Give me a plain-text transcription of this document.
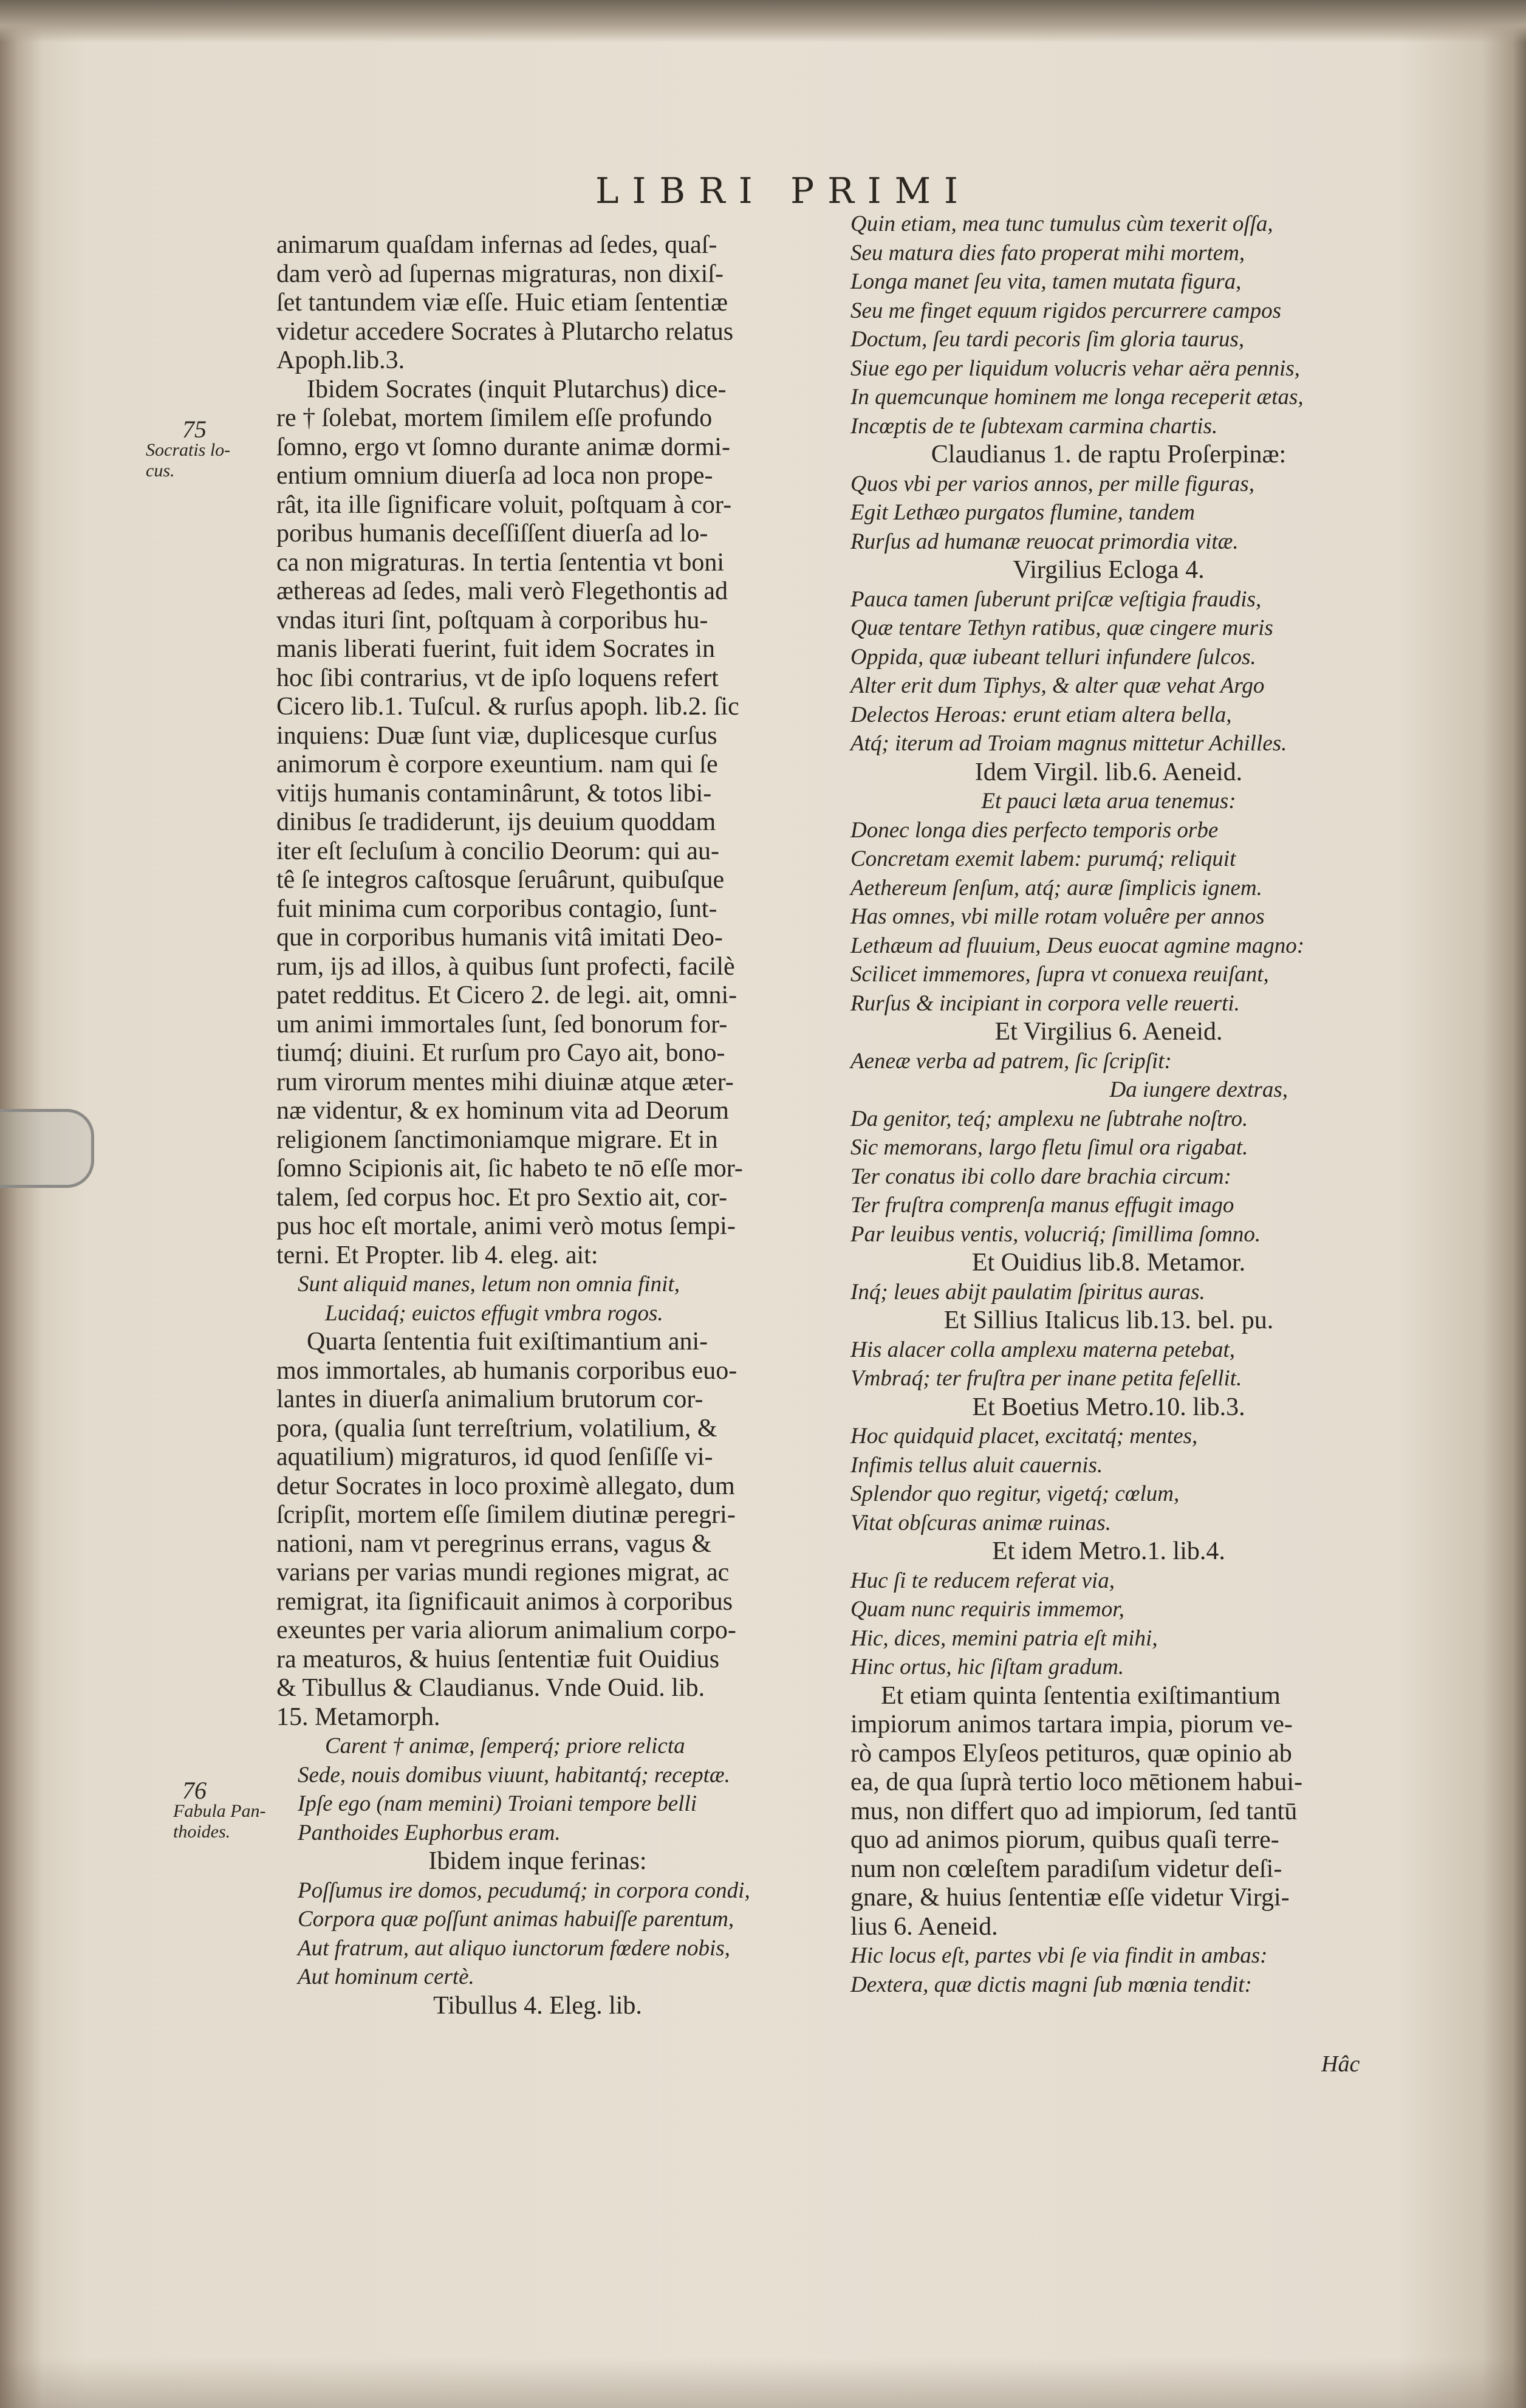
LIBRI PRIMI
75
Socratis lo-
cus.
76
Fabula Pan-
thoides.

animarum quaſdam infernas ad ſedes, quaſ-

dam verò ad ſupernas migraturas, non dixiſ-

ſet tantundem viæ eſſe. Huic etiam ſententiæ

videtur accedere Socrates à Plutarcho relatus

Apoph.lib.3.

Ibidem Socrates (inquit Plutarchus) dice-

re † ſolebat, mortem ſimilem eſſe profundo

ſomno, ergo vt ſomno durante animæ dormi-

entium omnium diuerſa ad loca non prope-

rât, ita ille ſignificare voluit, poſtquam à cor-

poribus humanis deceſſiſſent diuerſa ad lo-

ca non migraturas. In tertia ſententia vt boni

æthereas ad ſedes, mali verò Flegethontis ad

vndas ituri ſint, poſtquam à corporibus hu-

manis liberati fuerint, fuit idem Socrates in

hoc ſibi contrarius, vt de ipſo loquens refert

Cicero lib.1. Tuſcul. & rurſus apoph. lib.2. ſic

inquiens: Duæ ſunt viæ, duplicesque curſus

animorum è corpore exeuntium. nam qui ſe

vitijs humanis contaminârunt, & totos libi-

dinibus ſe tradiderunt, ijs deuium quoddam

iter eſt ſecluſum à concilio Deorum: qui au-

tê ſe integros caſtosque ſeruârunt, quibuſque

fuit minima cum corporibus contagio, ſunt-

que in corporibus humanis vitâ imitati Deo-

rum, ijs ad illos, à quibus ſunt profecti, facilè

patet redditus. Et Cicero 2. de legi. ait, omni-

um animi immortales ſunt, ſed bonorum for-

tiumq́; diuini. Et rurſum pro Cayo ait, bono-

rum virorum mentes mihi diuinæ atque æter-

næ videntur, & ex hominum vita ad Deorum

religionem ſanctimoniamque migrare. Et in

ſomno Scipionis ait, ſic habeto te nō eſſe mor-

talem, ſed corpus hoc. Et pro Sextio ait, cor-

pus hoc eſt mortale, animi verò motus ſempi-

terni. Et Propter. lib 4. eleg. ait:

Sunt aliquid manes, letum non omnia finit,

Lucidaq́; euictos effugit vmbra rogos.

Quarta ſententia fuit exiſtimantium ani-

mos immortales, ab humanis corporibus euo-

lantes in diuerſa animalium brutorum cor-

pora, (qualia ſunt terreſtrium, volatilium, &

aquatilium) migraturos, id quod ſenſiſſe vi-

detur Socrates in loco proximè allegato, dum

ſcripſit, mortem eſſe ſimilem diutinæ peregri-

nationi, nam vt peregrinus errans, vagus &

varians per varias mundi regiones migrat, ac

remigrat, ita ſignificauit animos à corporibus

exeuntes per varia aliorum animalium corpo-

ra meaturos, & huius ſententiæ fuit Ouidius

& Tibullus & Claudianus. Vnde Ouid. lib.

15. Metamorph.

Carent † animæ, ſemperq́; priore relicta

Sede, nouis domibus viuunt, habitantq́; receptæ.

Ipſe ego (nam memini) Troiani tempore belli

Panthoides Euphorbus eram.

Ibidem inque ferinas:

Poſſumus ire domos, pecudumq́; in corpora condi,

Corpora quæ poſſunt animas habuiſſe parentum,

Aut fratrum, aut aliquo iunctorum fœdere nobis,

Aut hominum certè.

Tibullus 4. Eleg. lib.

Quin etiam, mea tunc tumulus cùm texerit oſſa,

Seu matura dies fato properat mihi mortem,

Longa manet ſeu vita, tamen mutata figura,

Seu me finget equum rigidos percurrere campos

Doctum, ſeu tardi pecoris ſim gloria taurus,

Siue ego per liquidum volucris vehar aëra pennis,

In quemcunque hominem me longa receperit ætas,

Incœptis de te ſubtexam carmina chartis.

Claudianus 1. de raptu Proſerpinæ:

Quos vbi per varios annos, per mille figuras,

Egit Lethæo purgatos flumine, tandem

Rurſus ad humanæ reuocat primordia vitæ.

Virgilius Ecloga 4.

Pauca tamen ſuberunt priſcæ veſtigia fraudis,

Quæ tentare Tethyn ratibus, quæ cingere muris

Oppida, quæ iubeant telluri infundere ſulcos.

Alter erit dum Tiphys, & alter quæ vehat Argo

Delectos Heroas: erunt etiam altera bella,

Atq́; iterum ad Troiam magnus mittetur Achilles.

Idem Virgil. lib.6. Aeneid.

Et pauci læta arua tenemus:

Donec longa dies perfecto temporis orbe

Concretam exemit labem: purumq́; reliquit

Aethereum ſenſum, atq́; auræ ſimplicis ignem.

Has omnes, vbi mille rotam voluêre per annos

Lethæum ad fluuium, Deus euocat agmine magno:

Scilicet immemores, ſupra vt conuexa reuiſant,

Rurſus & incipiant in corpora velle reuerti.

Et Virgilius 6. Aeneid.

Aeneæ verba ad patrem, ſic ſcripſit:

Da iungere dextras,

Da genitor, teq́; amplexu ne ſubtrahe noſtro.

Sic memorans, largo fletu ſimul ora rigabat.

Ter conatus ibi collo dare brachia circum:

Ter fruſtra comprenſa manus effugit imago

Par leuibus ventis, volucriq́; ſimillima ſomno.

Et Ouidius lib.8. Metamor.

Inq́; leues abijt paulatim ſpiritus auras.

Et Sillius Italicus lib.13. bel. pu.

His alacer colla amplexu materna petebat,

Vmbraq́; ter fruſtra per inane petita feſellit.

Et Boetius Metro.10. lib.3.

Hoc quidquid placet, excitatq́; mentes,

Infimis tellus aluit cauernis.

Splendor quo regitur, vigetq́; cœlum,

Vitat obſcuras animæ ruinas.

Et idem Metro.1. lib.4.

Huc ſi te reducem referat via,

Quam nunc requiris immemor,

Hic, dices, memini patria eſt mihi,

Hinc ortus, hic ſiſtam gradum.

Et etiam quinta ſententia exiſtimantium

impiorum animos tartara impia, piorum ve-

rò campos Elyſeos petituros, quæ opinio ab

ea, de qua ſuprà tertio loco mētionem habui-

mus, non differt quo ad impiorum, ſed tantū

quo ad animos piorum, quibus quaſi terre-

num non cœleſtem paradiſum videtur deſi-

gnare, & huius ſententiæ eſſe videtur Virgi-

lius 6. Aeneid.

Hic locus eſt, partes vbi ſe via findit in ambas:

Dextera, quæ dictis magni ſub mœnia tendit:

Hâc
